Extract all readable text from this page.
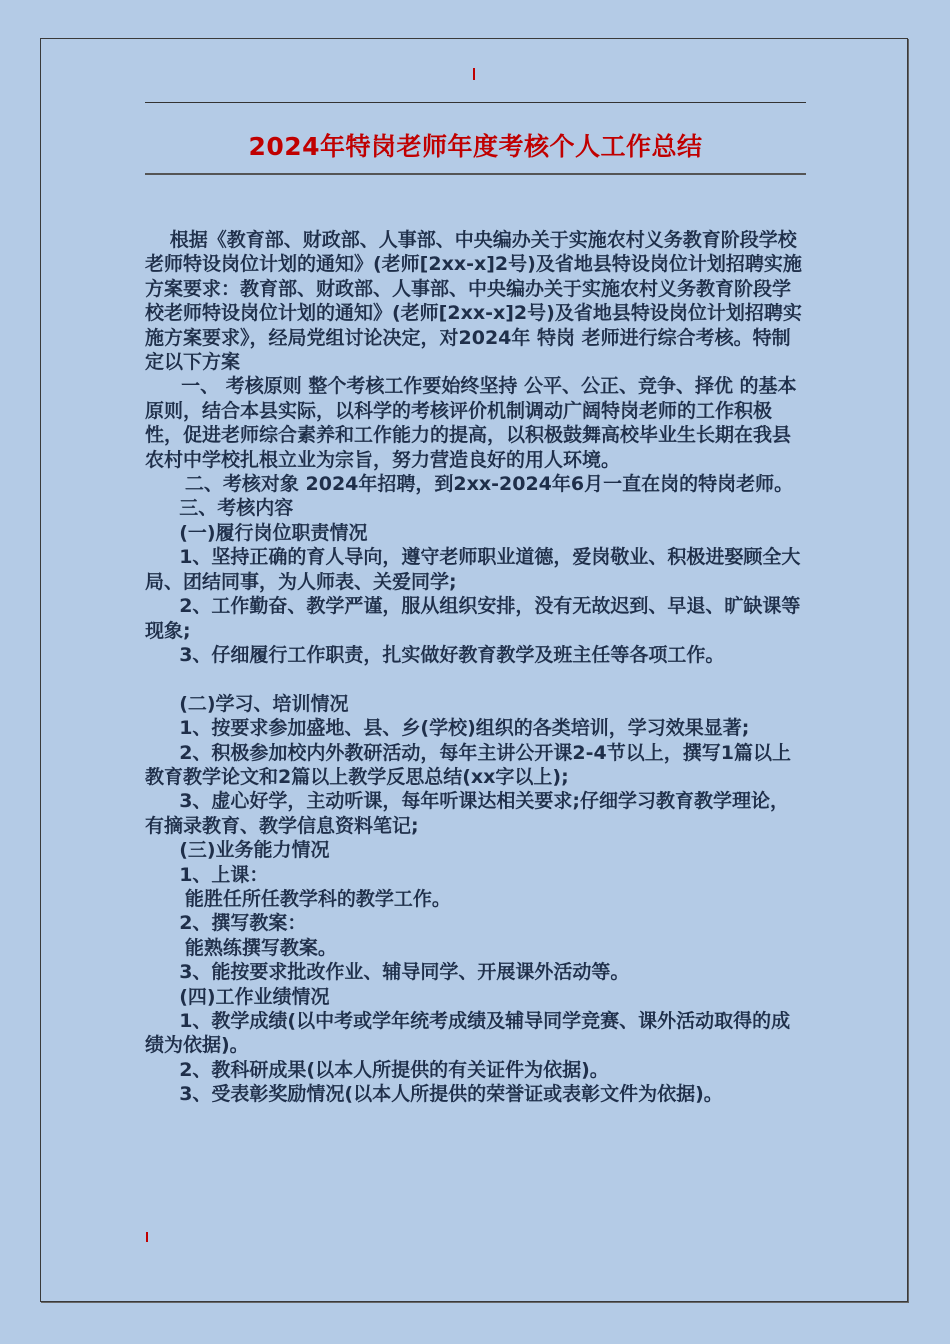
2024年特岗老师年度考核个人工作总结

根据《教育部、财政部、人事部、中央编办关于实施农村义务教育阶段学校老师特设岗位计划的通知》(老师[2xx-x]2号)及省地县特设岗位计划招聘实施方案要求：教育部、财政部、人事部、中央编办关于实施农村义务教育阶段学校老师特设岗位计划的通知》(老师[2xx-x]2号)及省地县特设岗位计划招聘实施方案要求》，经局党组讨论决定，对2024年 特岗 老师进行综合考核。特制定以下方案

一、 考核原则 整个考核工作要始终坚持 公平、公正、竞争、择优 的基本原则，结合本县实际，以科学的考核评价机制调动广阔特岗老师的工作积极性，促进老师综合素养和工作能力的提高，以积极鼓舞高校毕业生长期在我县农村中学校扎根立业为宗旨，努力营造良好的用人环境。

二、考核对象 2024年招聘，到2xx-2024年6月一直在岗的特岗老师。

三、考核内容

(一)履行岗位职责情况

1、坚持正确的育人导向，遵守老师职业道德，爱岗敬业、积极进娶顾全大局、团结同事，为人师表、关爱同学;

2、工作勤奋、教学严谨，服从组织安排，没有无故迟到、早退、旷缺课等现象;

3、仔细履行工作职责，扎实做好教育教学及班主任等各项工作。

(二)学习、培训情况

1、按要求参加盛地、县、乡(学校)组织的各类培训，学习效果显著;

2、积极参加校内外教研活动，每年主讲公开课2-4节以上，撰写1篇以上教育教学论文和2篇以上教学反思总结(xx字以上);

3、虚心好学，主动听课，每年听课达相关要求;仔细学习教育教学理论，有摘录教育、教学信息资料笔记;

(三)业务能力情况

1、上课：

能胜任所任教学科的教学工作。

2、撰写教案：

能熟练撰写教案。

3、能按要求批改作业、辅导同学、开展课外活动等。

(四)工作业绩情况

1、教学成绩(以中考或学年统考成绩及辅导同学竞赛、课外活动取得的成绩为依据)。

2、教科研成果(以本人所提供的有关证件为依据)。

3、受表彰奖励情况(以本人所提供的荣誉证或表彰文件为依据)。
